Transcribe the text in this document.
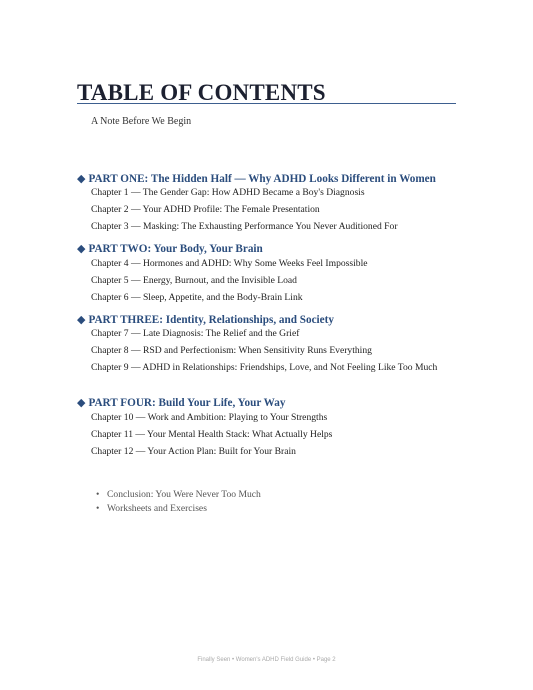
TABLE OF CONTENTS
A Note Before We Begin
◆ PART ONE: The Hidden Half — Why ADHD Looks Different in Women
Chapter 1 — The Gender Gap: How ADHD Became a Boy's Diagnosis
Chapter 2 — Your ADHD Profile: The Female Presentation
Chapter 3 — Masking: The Exhausting Performance You Never Auditioned For
◆ PART TWO: Your Body, Your Brain
Chapter 4 — Hormones and ADHD: Why Some Weeks Feel Impossible
Chapter 5 — Energy, Burnout, and the Invisible Load
Chapter 6 — Sleep, Appetite, and the Body-Brain Link
◆ PART THREE: Identity, Relationships, and Society
Chapter 7 — Late Diagnosis: The Relief and the Grief
Chapter 8 — RSD and Perfectionism: When Sensitivity Runs Everything
Chapter 9 — ADHD in Relationships: Friendships, Love, and Not Feeling Like Too Much
◆ PART FOUR: Build Your Life, Your Way
Chapter 10 — Work and Ambition: Playing to Your Strengths
Chapter 11 — Your Mental Health Stack: What Actually Helps
Chapter 12 — Your Action Plan: Built for Your Brain
• Conclusion: You Were Never Too Much
• Worksheets and Exercises
Finally Seen • Women's ADHD Field Guide • Page 2
